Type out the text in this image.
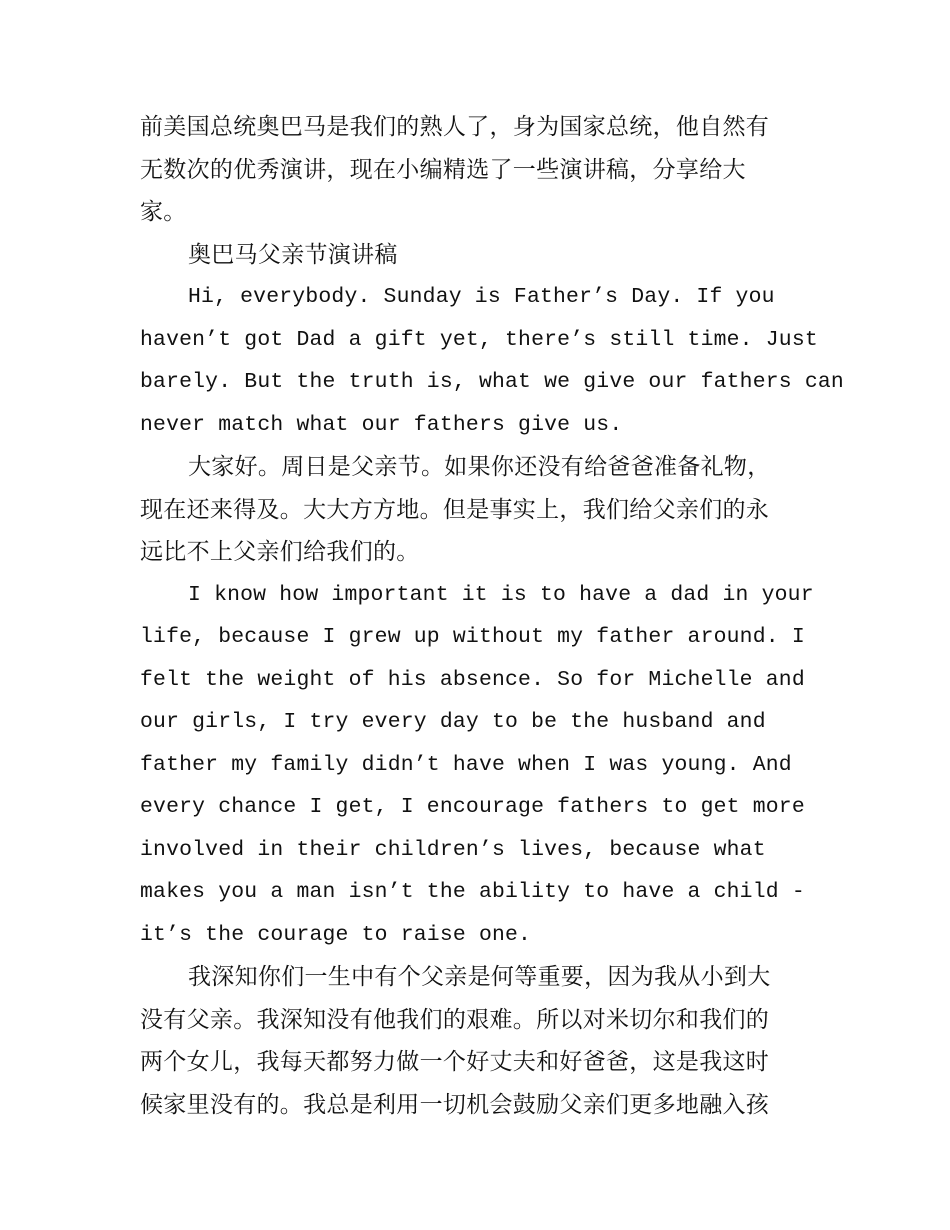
前美国总统奥巴马是我们的熟人了，身为国家总统，他自然有
无数次的优秀演讲，现在小编精选了一些演讲稿，分享给大
家。

奥巴马父亲节演讲稿

Hi, everybody. Sunday is Father’s Day. If you
haven’t got Dad a gift yet, there’s still time. Just
barely. But the truth is, what we give our fathers can
never match what our fathers give us.

大家好。周日是父亲节。如果你还没有给爸爸准备礼物，
现在还来得及。大大方方地。但是事实上，我们给父亲们的永
远比不上父亲们给我们的。

I know how important it is to have a dad in your
life, because I grew up without my father around. I
felt the weight of his absence. So for Michelle and
our girls, I try every day to be the husband and
father my family didn’t have when I was young. And
every chance I get, I encourage fathers to get more
involved in their children’s lives, because what
makes you a man isn’t the ability to have a child -
it’s the courage to raise one.

我深知你们一生中有个父亲是何等重要，因为我从小到大
没有父亲。我深知没有他我们的艰难。所以对米切尔和我们的
两个女儿，我每天都努力做一个好丈夫和好爸爸，这是我这时
候家里没有的。我总是利用一切机会鼓励父亲们更多地融入孩
